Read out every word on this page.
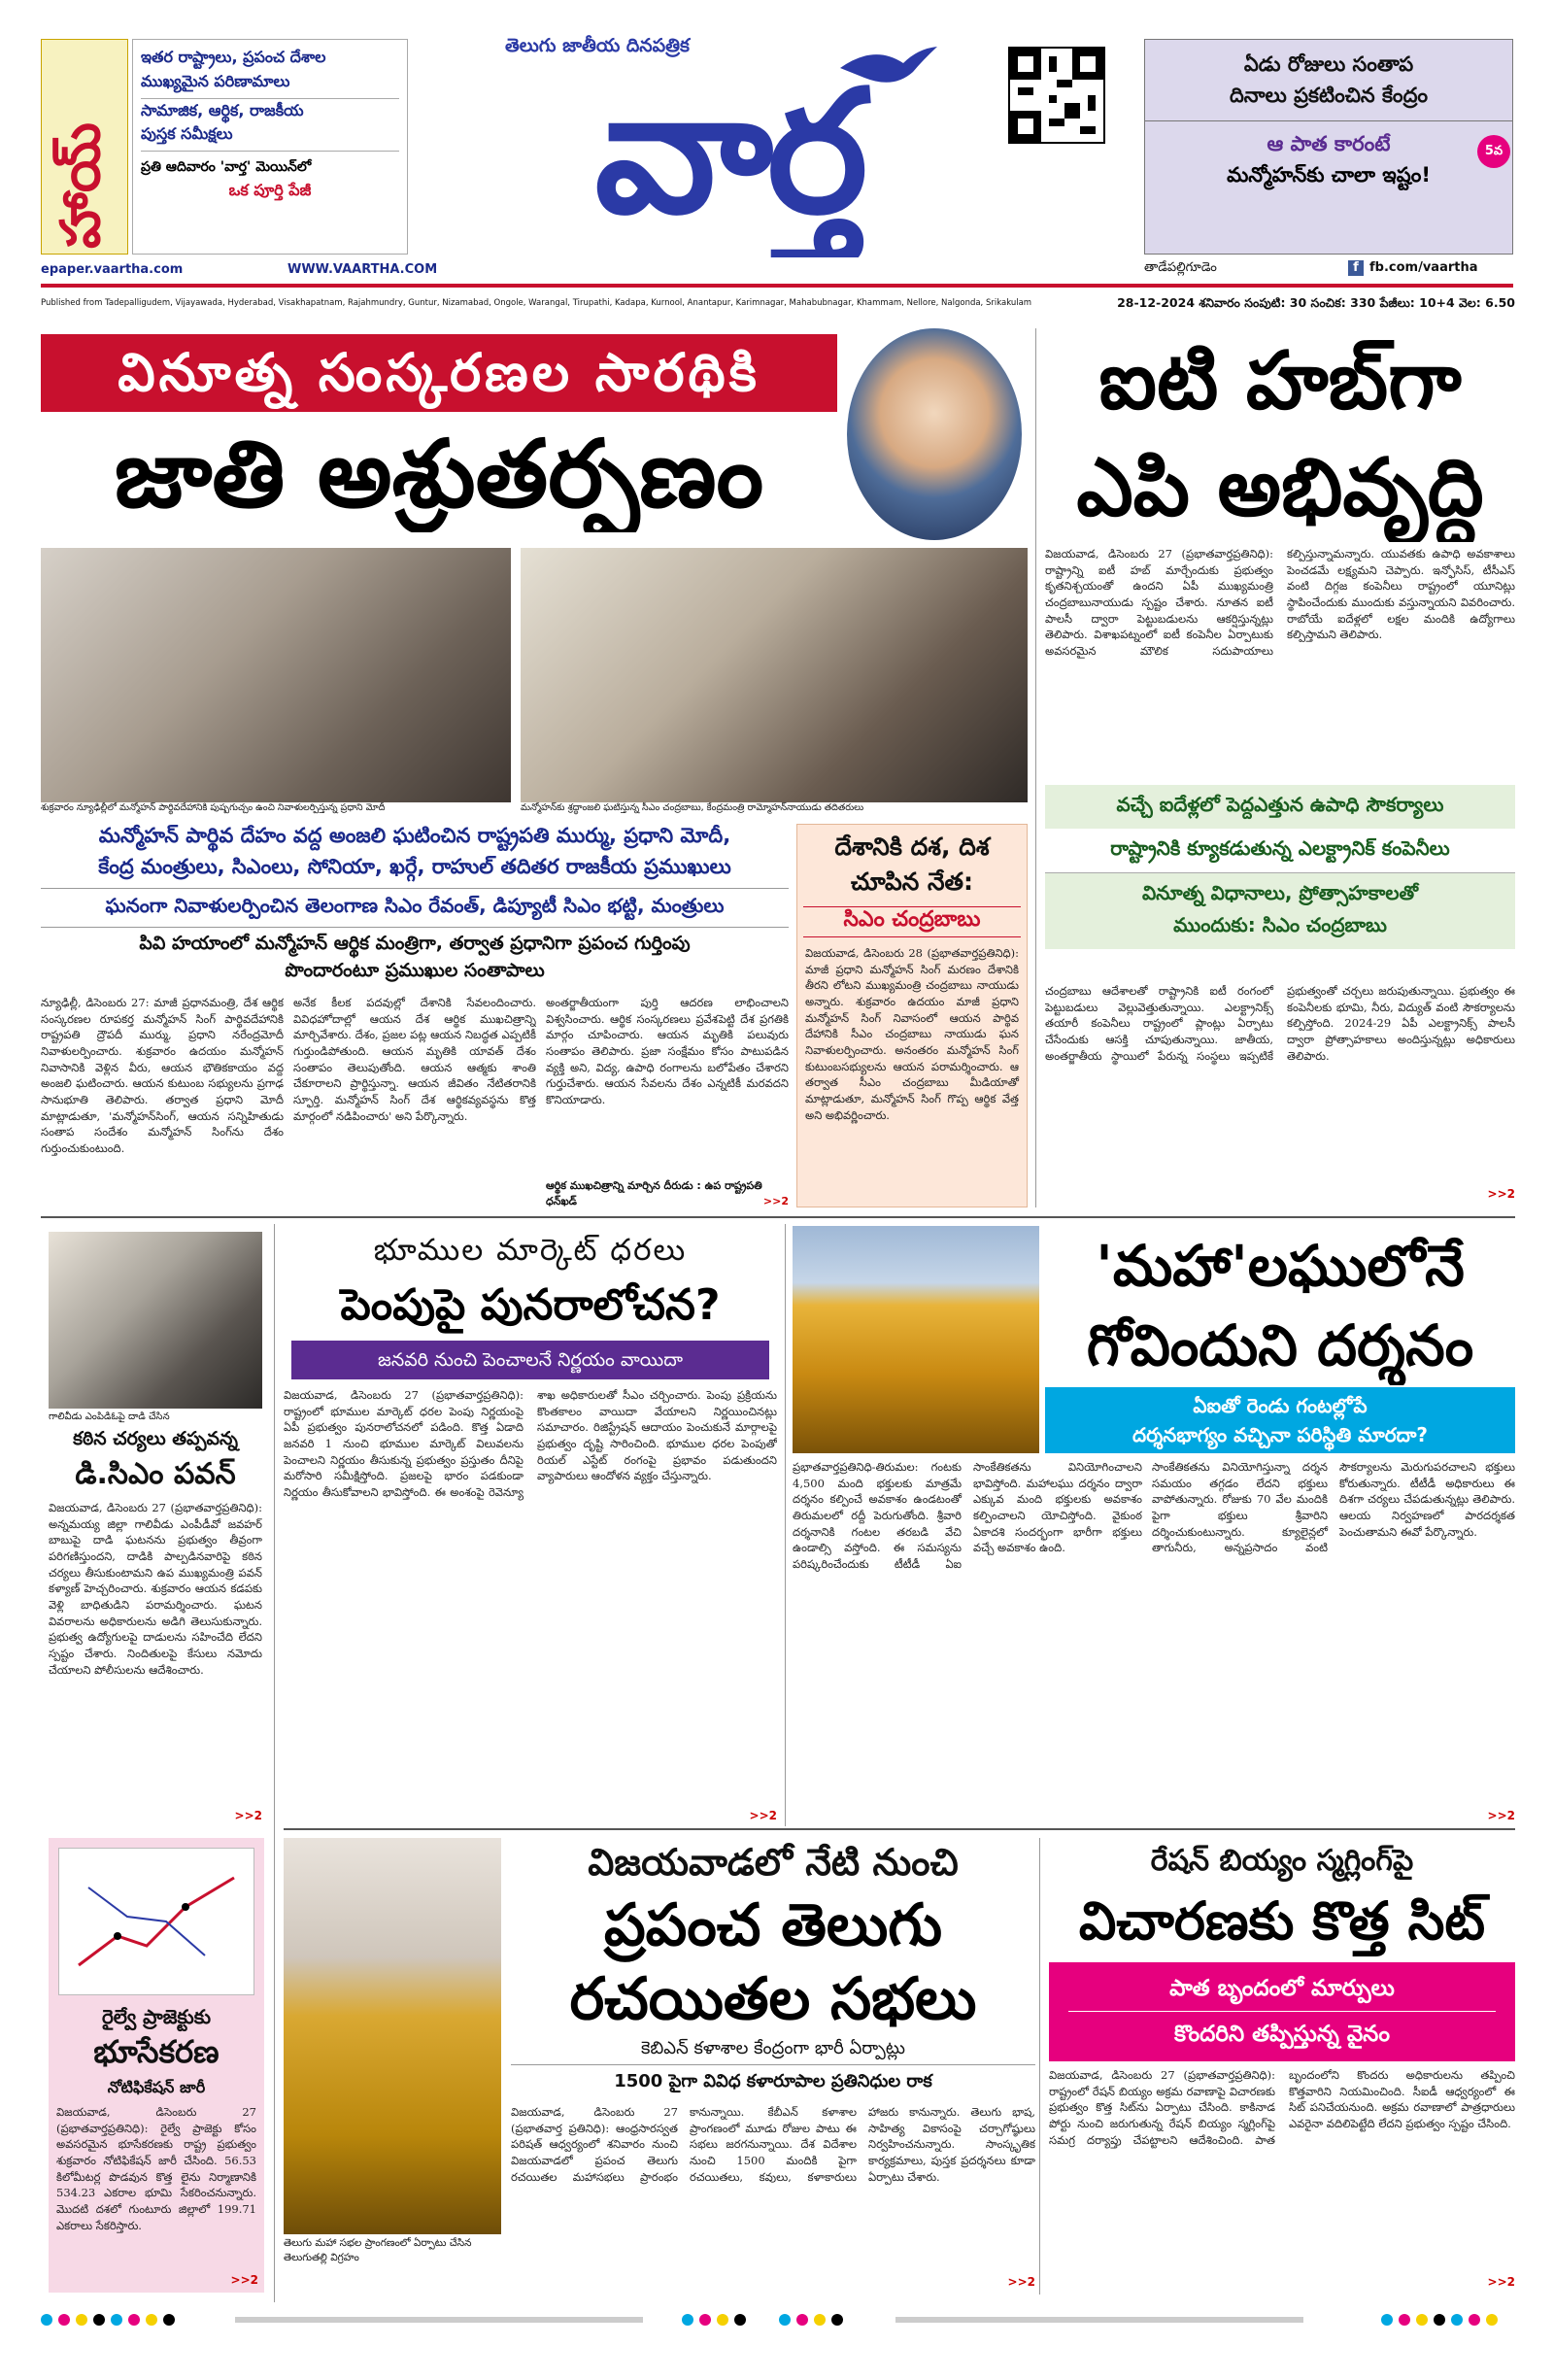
హాయ్
ఇతర రాష్ట్రాలు, ప్రపంచ దేశాల
ముఖ్యమైన పరిణామాలు
సామాజిక, ఆర్థిక, రాజకీయ
పుస్తక సమీక్షలు
ప్రతి ఆదివారం 'వార్త' మెయిన్‌లో
ఒక పూర్తి పేజీ
epaper.vaartha.com	WWW.VAARTHA.COM
తెలుగు జాతీయ దినపత్రిక
వార్త	ఏడు రోజులు సంతాప
దినాలు ప్రకటించిన కేంద్రం
ఆ పాత కారంటే
మన్మోహన్‌కు చాలా ఇష్టం!
5వ
తాడేపల్లిగూడెం	f fb.com/vaartha
Published from Tadepalligudem, Vijayawada, Hyderabad, Visakhapatnam, Rajahmundry, Guntur, Nizamabad, Ongole, Warangal, Tirupathi, Kadapa, Kurnool, Anantapur, Karimnagar, Mahabubnagar, Khammam, Nellore, Nalgonda, Srikakulam	28-12-2024 శనివారం సంపుటి: 30 సంచిక: 330 పేజీలు: 10+4 వెల: 6.50
వినూత్న సంస్కరణల సారథికి
జాతి అశ్రుతర్పణం
శుక్రవారం న్యూఢిల్లీలో మన్మోహన్ పార్థివదేహానికి పుష్పగుచ్చం ఉంచి నివాళులర్పిస్తున్న ప్రధాని మోదీ	మన్మోహన్‌కు శ్రద్ధాంజలి ఘటిస్తున్న సీఎం చంద్రబాబు, కేంద్రమంత్రి రామ్మోహన్‌నాయుడు తదితరులు
మన్మోహన్ పార్థివ దేహం వద్ద అంజలి ఘటించిన రాష్ట్రపతి ముర్ము, ప్రధాని మోదీ,
కేంద్ర మంత్రులు, సిఎంలు, సోనియా, ఖర్గే, రాహుల్ తదితర రాజకీయ ప్రముఖులు
ఘనంగా నివాళులర్పించిన తెలంగాణ సిఎం రేవంత్, డిప్యూటీ సిఎం భట్టి, మంత్రులు
పివి హయాంలో మన్మోహన్ ఆర్థిక మంత్రిగా, తర్వాత ప్రధానిగా ప్రపంచ గుర్తింపు
పొందారంటూ ప్రముఖుల సంతాపాలు
న్యూఢిల్లీ, డిసెంబరు 27: మాజీ ప్రధానమంత్రి, దేశ ఆర్థిక సంస్కరణల రూపకర్త మన్మోహన్ సింగ్ పార్థివదేహానికి రాష్ట్రపతి ద్రౌపదీ ముర్ము, ప్రధాని నరేంద్రమోదీ నివాళులర్పించారు. శుక్రవారం ఉదయం మన్మోహన్ నివాసానికి వెళ్లిన వీరు, ఆయన భౌతికకాయం వద్ద అంజలి ఘటించారు. ఆయన కుటుంబ సభ్యులను ప్రగాఢ సానుభూతి తెలిపారు. తర్వాత ప్రధాని మోదీ మాట్లాడుతూ, 'మన్మోహన్‌సింగ్, ఆయన సన్నిహితుడు సంతాప సందేశం మన్మోహన్ సింగ్‌ను దేశం గుర్తుంచుకుంటుంది.
అనేక కీలక పదవుల్లో దేశానికి సేవలందించారు. వివిధహోదాల్లో ఆయన దేశ ఆర్థిక ముఖచిత్రాన్ని మార్చివేశారు. దేశం, ప్రజల పట్ల ఆయన నిబద్ధత ఎప్పటికీ గుర్తుండిపోతుంది. ఆయన మృతికి యావత్ దేశం సంతాపం తెలుపుతోంది. ఆయన ఆత్మకు శాంతి చేకూరాలని ప్రార్థిస్తున్నా. ఆయన జీవితం నేటితరానికి స్ఫూర్తి. మన్మోహన్ సింగ్ దేశ ఆర్థికవ్యవస్థను కొత్త మార్గంలో నడిపించారు' అని పేర్కొన్నారు.
అంతర్జాతీయంగా పుర్తి ఆదరణ లాభించాలని విశ్వసించారు. ఆర్థిక సంస్కరణలు ప్రవేశపెట్టి దేశ ప్రగతికి మార్గం చూపించారు. ఆయన మృతికి పలువురు సంతాపం తెలిపారు. ప్రజా సంక్షేమం కోసం పాటుపడిన వ్యక్తి అని, విద్య, ఉపాధి రంగాలను బలోపేతం చేశారని గుర్తుచేశారు. ఆయన సేవలను దేశం ఎన్నటికీ మరవదని కొనియాడారు.
ఆర్థిక ముఖచిత్రాన్ని మార్చిన దీరుడు : ఉప రాష్ట్రపతి ధన్‌ఖడ్	>>2
దేశానికి దశ, దిశ
చూపిన నేత:
సిఎం చంద్రబాబు
విజయవాడ, డిసెంబరు 28 (ప్రభాతవార్తప్రతినిధి): మాజీ ప్రధాని మన్మోహన్ సింగ్ మరణం దేశానికి తీరని లోటని ముఖ్యమంత్రి చంద్రబాబు నాయుడు అన్నారు. శుక్రవారం ఉదయం మాజీ ప్రధాని మన్మోహన్ సింగ్ నివాసంలో ఆయన పార్థివ దేహానికి సీఎం చంద్రబాబు నాయుడు ఘన నివాళులర్పించారు. అనంతరం మన్మోహన్ సింగ్ కుటుంబసభ్యులను ఆయన పరామర్శించారు. ఆ తర్వాత సీఎం చంద్రబాబు మీడియాతో మాట్లాడుతూ, మన్మోహన్ సింగ్ గొప్ప ఆర్థిక వేత్త అని అభివర్ణించారు.
ఐటి హబ్‌గా
ఎపి అభివృద్ధి
విజయవాడ, డిసెంబరు 27 (ప్రభాతవార్తప్రతినిధి): రాష్ట్రాన్ని ఐటీ హబ్ మార్చేందుకు ప్రభుత్వం కృతనిశ్చయంతో ఉందని ఏపీ ముఖ్యమంత్రి చంద్రబాబునాయుడు స్పష్టం చేశారు. నూతన ఐటీ పాలసీ ద్వారా పెట్టుబడులను ఆకర్షిస్తున్నట్లు తెలిపారు. విశాఖపట్నంలో ఐటీ కంపెనీల ఏర్పాటుకు అవసరమైన మౌలిక సదుపాయాలు కల్పిస్తున్నామన్నారు. యువతకు ఉపాధి అవకాశాలు పెంచడమే లక్ష్యమని చెప్పారు. ఇన్ఫోసిస్, టీసీఎస్ వంటి దిగ్గజ కంపెనీలు రాష్ట్రంలో యూనిట్లు స్థాపించేందుకు ముందుకు వస్తున్నాయని వివరించారు. రాబోయే ఐదేళ్లలో లక్షల మందికి ఉద్యోగాలు కల్పిస్తామని తెలిపారు.
వచ్చే ఐదేళ్లలో పెద్దఎత్తున ఉపాధి సౌకర్యాలు
రాష్ట్రానికి క్యూకడుతున్న ఎలక్ట్రానిక్ కంపెనీలు
వినూత్న విధానాలు, ప్రోత్సాహకాలతో
ముందుకు: సిఎం చంద్రబాబు
చంద్రబాబు ఆదేశాలతో రాష్ట్రానికి ఐటీ రంగంలో పెట్టుబడులు వెల్లువెత్తుతున్నాయి. ఎలక్ట్రానిక్స్ తయారీ కంపెనీలు రాష్ట్రంలో ప్లాంట్లు ఏర్పాటు చేసేందుకు ఆసక్తి చూపుతున్నాయి. జాతీయ, అంతర్జాతీయ స్థాయిలో పేరున్న సంస్థలు ఇప్పటికే ప్రభుత్వంతో చర్చలు జరుపుతున్నాయి. ప్రభుత్వం ఈ కంపెనీలకు భూమి, నీరు, విద్యుత్ వంటి సౌకర్యాలను కల్పిస్తోంది. 2024-29 ఏపీ ఎలక్ట్రానిక్స్ పాలసీ ద్వారా ప్రోత్సాహకాలు అందిస్తున్నట్లు అధికారులు తెలిపారు.
>>2
గాలివీడు ఎంపిడిఓపై దాడి చేసిన
కఠిన చర్యలు తప్పవన్న
డి.సిఎం పవన్
విజయవాడ, డిసెంబరు 27 (ప్రభాతవార్తప్రతినిధి): అన్నమయ్య జిల్లా గాలివీడు ఎంపీడీవో జవహర్ బాబుపై దాడి ఘటనను ప్రభుత్వం తీవ్రంగా పరిగణిస్తుందని, దాడికి పాల్పడినవారిపై కఠిన చర్యలు తీసుకుంటామని ఉప ముఖ్యమంత్రి పవన్ కళ్యాణ్ హెచ్చరించారు. శుక్రవారం ఆయన కడపకు వెళ్లి బాధితుడిని పరామర్శించారు. ఘటన వివరాలను అధికారులను అడిగి తెలుసుకున్నారు. ప్రభుత్వ ఉద్యోగులపై దాడులను సహించేది లేదని స్పష్టం చేశారు. నిందితులపై కేసులు నమోదు చేయాలని పోలీసులను ఆదేశించారు.
>>2
రైల్వే ప్రాజెక్టుకు
భూసేకరణ
నోటిఫికేషన్ జారీ
విజయవాడ, డిసెంబరు 27 (ప్రభాతవార్తప్రతినిధి): రైల్వే ప్రాజెక్టు కోసం అవసరమైన భూసేకరణకు రాష్ట్ర ప్రభుత్వం శుక్రవారం నోటిఫికేషన్ జారీ చేసింది. 56.53 కిలోమీటర్ల పొడవున కొత్త లైను నిర్మాణానికి 534.23 ఎకరాల భూమి సేకరించనున్నారు. మొదటి దశలో గుంటూరు జిల్లాలో 199.71 ఎకరాలు సేకరిస్తారు.
>>2
భూముల మార్కెట్ ధరలు
పెంపుపై పునరాలోచన?
జనవరి నుంచి పెంచాలనే నిర్ణయం వాయిదా
విజయవాడ, డిసెంబరు 27 (ప్రభాతవార్తప్రతినిధి): రాష్ట్రంలో భూముల మార్కెట్ ధరల పెంపు నిర్ణయంపై ఏపీ ప్రభుత్వం పునరాలోచనలో పడింది. కొత్త ఏడాది జనవరి 1 నుంచి భూముల మార్కెట్ విలువలను పెంచాలని నిర్ణయం తీసుకున్న ప్రభుత్వం ప్రస్తుతం దీనిపై మరోసారి సమీక్షిస్తోంది. ప్రజలపై భారం పడకుండా నిర్ణయం తీసుకోవాలని భావిస్తోంది. ఈ అంశంపై రెవెన్యూ శాఖ అధికారులతో సీఎం చర్చించారు. పెంపు ప్రక్రియను కొంతకాలం వాయిదా వేయాలని నిర్ణయించినట్లు సమాచారం. రిజిస్ట్రేషన్ ఆదాయం పెంచుకునే మార్గాలపై ప్రభుత్వం దృష్టి సారించింది. భూముల ధరల పెంపుతో రియల్ ఎస్టేట్ రంగంపై ప్రభావం పడుతుందని వ్యాపారులు ఆందోళన వ్యక్తం చేస్తున్నారు.
>>2
'మహా'లఘులోనే
గోవిందుని దర్శనం
ఏఐతో రెండు గంటల్లోపే
దర్శనభాగ్యం వచ్చినా పరిస్థితి మారదా?
ప్రభాతవార్తప్రతినిధి-తిరుమల: గంటకు 4,500 మంది భక్తులకు మాత్రమే దర్శనం కల్పించే అవకాశం ఉండటంతో తిరుమలలో రద్దీ పెరుగుతోంది. శ్రీవారి దర్శనానికి గంటల తరబడి వేచి ఉండాల్సి వస్తోంది. ఈ సమస్యను పరిష్కరించేందుకు టీటీడీ ఏఐ సాంకేతికతను వినియోగించాలని భావిస్తోంది. మహాలఘు దర్శనం ద్వారా ఎక్కువ మంది భక్తులకు అవకాశం కల్పించాలని యోచిస్తోంది. వైకుంఠ ఏకాదశి సందర్భంగా భారీగా భక్తులు వచ్చే అవకాశం ఉంది.
సాంకేతికతను వినియోగిస్తున్నా దర్శన సమయం తగ్గడం లేదని భక్తులు వాపోతున్నారు. రోజుకు 70 వేల మందికి పైగా భక్తులు శ్రీవారిని దర్శించుకుంటున్నారు. క్యూలైన్లలో తాగునీరు, అన్నప్రసాదం వంటి సౌకర్యాలను మెరుగుపరచాలని భక్తులు కోరుతున్నారు. టీటీడీ అధికారులు ఈ దిశగా చర్యలు చేపడుతున్నట్లు తెలిపారు. ఆలయ నిర్వహణలో పారదర్శకత పెంచుతామని ఈవో పేర్కొన్నారు.
>>2
తెలుగు మహా సభల ప్రాంగణంలో ఏర్పాటు చేసిన తెలుగుతల్లి విగ్రహం
విజయవాడలో నేటి నుంచి
ప్రపంచ తెలుగు
రచయితల సభలు
కెబిఎన్ కళాశాల కేంద్రంగా భారీ ఏర్పాట్లు
1500 పైగా వివిధ కళారూపాల ప్రతినిధుల రాక
విజయవాడ, డిసెంబరు 27 (ప్రభాతవార్త ప్రతినిధి): ఆంధ్రసారస్వత పరిషత్ ఆధ్వర్యంలో శనివారం నుంచి విజయవాడలో ప్రపంచ తెలుగు రచయితల మహాసభలు ప్రారంభం కానున్నాయి. కేబీఎన్ కళాశాల ప్రాంగణంలో మూడు రోజుల పాటు ఈ సభలు జరగనున్నాయి. దేశ విదేశాల నుంచి 1500 మందికి పైగా రచయితలు, కవులు, కళాకారులు హాజరు కానున్నారు. తెలుగు భాష, సాహిత్య వికాసంపై చర్చాగోష్ఠులు నిర్వహించనున్నారు. సాంస్కృతిక కార్యక్రమాలు, పుస్తక ప్రదర్శనలు కూడా ఏర్పాటు చేశారు.
>>2
రేషన్ బియ్యం స్మగ్లింగ్‌పై
విచారణకు కొత్త సిట్
పాత బృందంలో మార్పులు
కొందరిని తప్పిస్తున్న వైనం
విజయవాడ, డిసెంబరు 27 (ప్రభాతవార్తప్రతినిధి): రాష్ట్రంలో రేషన్ బియ్యం అక్రమ రవాణాపై విచారణకు ప్రభుత్వం కొత్త సిట్‌ను ఏర్పాటు చేసింది. కాకినాడ పోర్టు నుంచి జరుగుతున్న రేషన్ బియ్యం స్మగ్లింగ్‌పై సమగ్ర దర్యాప్తు చేపట్టాలని ఆదేశించింది. పాత బృందంలోని కొందరు అధికారులను తప్పించి కొత్తవారిని నియమించింది. సీఐడీ ఆధ్వర్యంలో ఈ సిట్ పనిచేయనుంది. అక్రమ రవాణాలో పాత్రధారులు ఎవరైనా వదిలిపెట్టేది లేదని ప్రభుత్వం స్పష్టం చేసింది.
>>2
